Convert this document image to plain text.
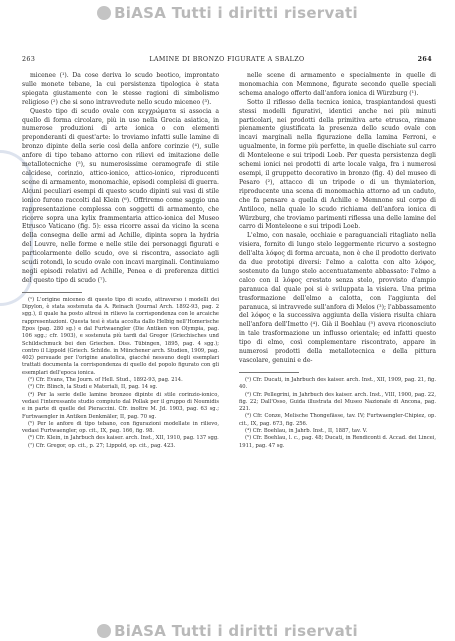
BiASA Tutti i diritti riservati
263	LAMINE DI BRONZO FIGURATE A SBALZO	264

micenee (¹). Da cose deriva lo scudo beotico, improntato sulle monete tebane, la cui persistenza tipologica è stata spiegata giustamente con le stesse ragioni di simbolismo religioso (²) che si sono intravvedute nello scudo miceneo (³).

Questo tipo di scudo ovale con κεγχρώματα si associa a quello di forma circolare, più in uso nella Grecia asiatica, in numerose produzioni di arte ionica o con elementi preponderanti di quest'arte: lo troviamo infatti sulle lamine di bronzo dipinte della serie così della anfore corinzie (⁴), sulle anfore di tipo tebano attorno con rilievi ed imitazione delle metallotecniche (⁵), su numerosissime ceramografe di stile calcidese, corinzio, attico-ionico, attico-ionico, riproducenti scene di armamento, monomachie, episodi compleisi di guerra. Alcuni peculiari esempi di questo scudo dipinti sui vasi di stile ionico furono raccolti dal Klein (⁶). Offriremo come saggio una rappresentazione complessa con soggetti di armamento, che ricorre sopra una kylix frammentaria attico-ionica del Museo Etrusco Vaticano (fig. 5): essa ricorre assai da vicino la scena della consegna delle armi ad Achille, dipinta sopra la hydria del Louvre, nelle forme e nelle stile dei personaggi figurati e particolarmente dello scudo, ove si riscontra, associato agli scudi rotondi, lo scudo ovale con incavi marginali. Continuiamo negli episodi relativi ad Achille, Penea e di preferenza dittici del questo tipo di scudo (⁷).

(¹) L'origine miceneo di questo tipo di scudo, attraverso i modelli dei Dipylon, è stata sostenuta da A. Reinach (Journal Arch. 1892-93, pag. 2 sgg.), il quale ha posto altresì in rilievo la corrispondenza con le arcaiche rappresentazioni. Questa tesi è stata accolta dallo Helbig nell'Homerische Epos (pag. 280 sg.) e dal Furtwaengler (Die Antiken von Olympia, pag. 106 sgg.; cfr. 1903), e sostenuta più tardi dal Gregor (Griechisches und Schildschmuck bei den Griechen. Diss. Tübingen, 1895, pag. 4 sgg.); contro il Lippold (Griech. Schilde. in Münchener arch. Studien, 1909, pag. 402) persuade per l'origine anatolica, giacché nessuno degli esemplari trattati documenta la corrispondenza di quello del popolo figurato con gli esemplari dell'epoca ionica.

(²) Cfr. Evans, The Journ. of Hell. Stud., 1892-93, pag. 214.

(³) Cfr. Blinch, la Studi e Materiali, II, pag. 14 sg.

(⁴) Per la serie delle lamine bronzee dipinte di stile corinzio-ionico, vedasi l'interessante studio compiuto dal Pollak per il gruppo di Noumidis e in parte di quelle del Pieraccini. Cfr. inoltre M. Jd. 1903, pag. 63 sg.; Furtwaengler in Antiken Denkmäler, II, pag. 70 sg.

(⁵) Per le anfore di tipo tebano, con figurazioni modellate in rilievo, vedasi Furtwaengler, op. cit., IX, pag. 166, fig. 98.

(⁶) Cfr. Klein, in Jahrbuch des kaiser. arch. Inst., XII, 1910, pag. 137 sgg.

(⁷) Cfr. Gregor, op. cit., p. 27; Lippold, op. cit., pag. 423.

nelle scene di armamento e specialmente in quelle di monomachia con Memnone, figurate secondo quelle speciali schema analogo offerto dall'anfora ionica di Würzburg (¹).

Sotto il riflesso della tecnica ionica, traspiantandosi questi stessi modelli figurativi, identici anche nei più minuti particolari, nei prodotti della primitiva arte etrusca, rimane pienamente giustificata la presenza dello scudo ovale con incavi marginali nella figurazione della lamina Ferroni, e ugualmente, in forme più perfette, in quelle dischiate sul carro di Monteleone e sui tripodi Loeb. Per questa persistenza degli schemi ionici nei prodotti di arte locale valga, fra i numerosi esempi, il gruppetto decorativo in bronzo (fig. 4) del museo di Pesaro (²), attacco di un tripode o di un thymiaterion, riproducente una scena di monomachia attorno ad un caduto, che fa pensare a quella di Achille e Memnone sul corpo di Antiloco, nella quale lo scudo richiama dell'anfora ionica di Würzburg, che troviamo parimenti riflessa una delle lamine del carro di Monteleone e sui tripodi Loeb.

L'elmo, con nasale, occhiaie e paraguanciali ritagliato nella visiera, fornito di lungo stelo leggermente ricurvo a sostegno dell'alta λόφος di forma arcuata, non è che il prodotto derivato da due prototipi diversi: l'elmo a calotta con alto λόφος, sostenuto da lungo stelo accentuatamente abbassato: l'elmo a calco con il λόφος crestato senza stelo, provvisto d'ampio paranuca dal quale poi si è sviluppata la visiera. Una prima trasformazione dell'elmo a calotta, con l'aggiunta del paranuca, si intravvede sull'anfora di Melos (³); l'abbassamento del λόφος e la successiva aggiunta della visiera risulta chiara nell'anfora dell'Imetto (⁴). Già il Boehlau (⁵) aveva riconosciuto in tale trasformazione un influsso orientale; ed infatti questo tipo di elmo, così complementare riscontrato, appare in numerosi prodotti della metallotecnica e della pittura vascolare, genuini e de-

(¹) Cfr. Ducati, in Jahrbuch des kaiser. arch. Inst., XII, 1909, pag. 21, fig. 40.

(²) Cfr. Pellegrini, in Jahrbuch des kaiser. arch. Inst., VIII, 1900, pag. 22, fig. 22; Dall'Osso, Guida illustrata del Museo Nazionale di Ancona, pag. 221.

(³) Cfr. Conze, Melische Thongefässe, tav. IV; Furtwaengler-Chipiez, op. cit., IX, pag. 673, fig. 256.

(⁴) Cfr. Boehlau, in Jahrb. Inst., II, 1887, tav. V.

(⁵) Cfr. Boehlau, l. c., pag. 48; Ducati, in Rendiconti d. Accad. dei Lincei, 1911, pag. 47 sg.

BiASA Tutti i diritti riservati
